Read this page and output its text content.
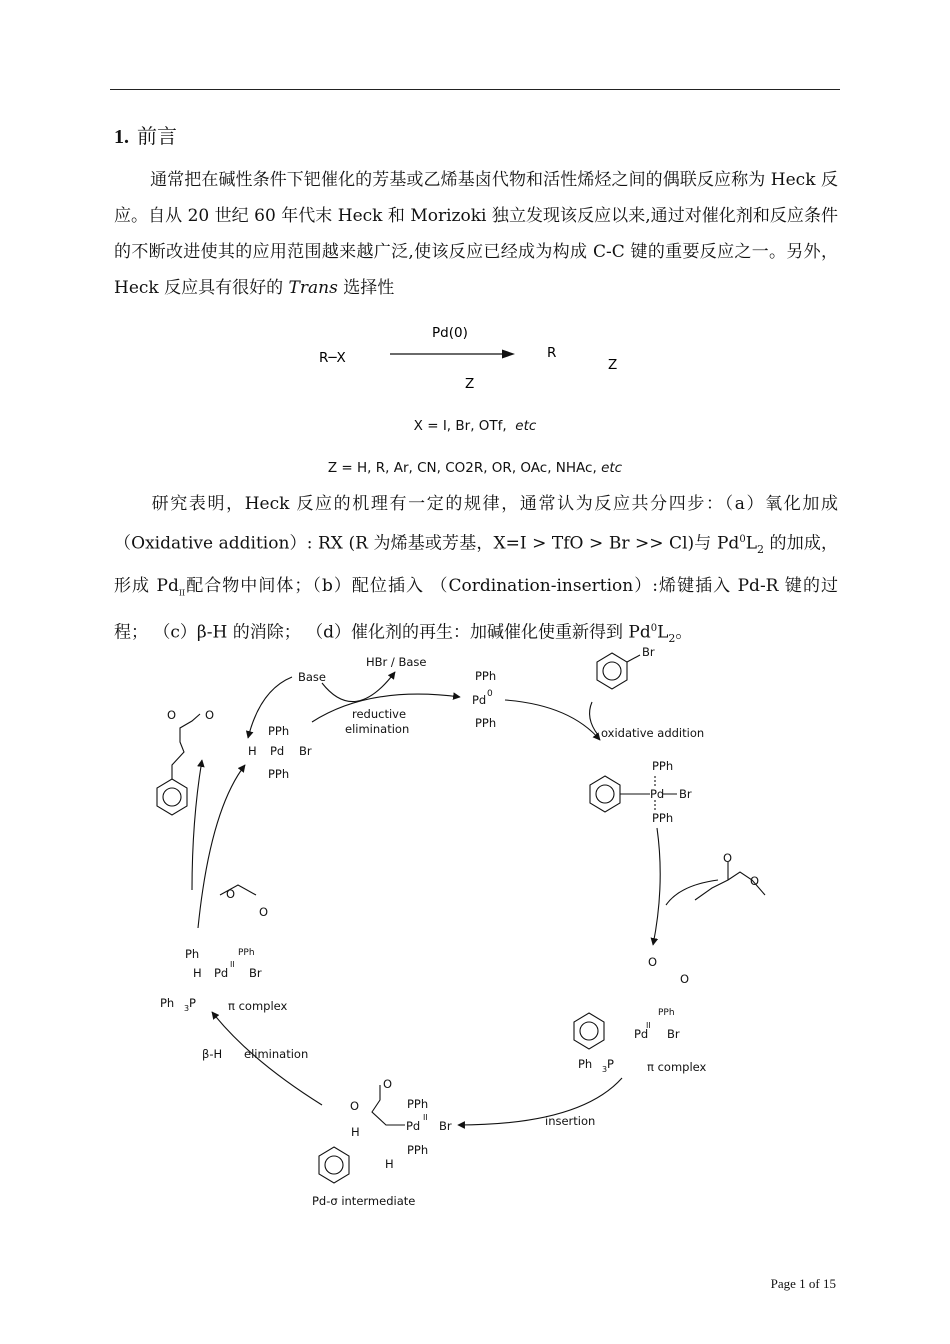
1. 前言
通常把在碱性条件下钯催化的芳基或乙烯基卤代物和活性烯烃之间的偶联反应称为 Heck 反应。自从 20 世纪 60 年代末 Heck 和 Morizoki 独立发现该反应以来,通过对催化剂和反应条件的不断改进使其的应用范围越来越广泛,使该反应已经成为构成 C-C 键的重要反应之一。另外，Heck 反应具有很好的 Trans 选择性
R─X
Pd(0)
Z
R
Z
X = I, Br, OTf, etc
Z = H, R, Ar, CN, CO2R, OR, OAc, NHAc, etc
研究表明，Heck 反应的机理有一定的规律，通常认为反应共分四步：（a）氧化加成（Oxidative addition）: RX (R 为烯基或芳基，X=I > TfO > Br >> Cl)与 $Pd^0L_2$ 的加成，形成 $Pd_{II}$配合物中间体；（b）配位插入 （Cordination-insertion）:烯键插入 Pd-R 键的过程； （c）β-H 的消除； （d）催化剂的再生：加碱催化使重新得到 $Pd^0L_2$。
Base
HBr / Base
reductive
elimination
PPh
Pd 0
PPh
Br
oxidative addition
PPh
Pd Br
PPh
O
O
O
O
PPh
Pd
II
Br
Ph 3 P	π complex
insertion
O
O	PPh
Pd
II
Br
PPh
H
H
Pd-σ intermediate
β-H elimination
Ph 3 P	π complex
Ph	PPh
H Pd
II
Br
O
O
O	O
PPh
H Pd Br
PPh
Page 1 of 15
